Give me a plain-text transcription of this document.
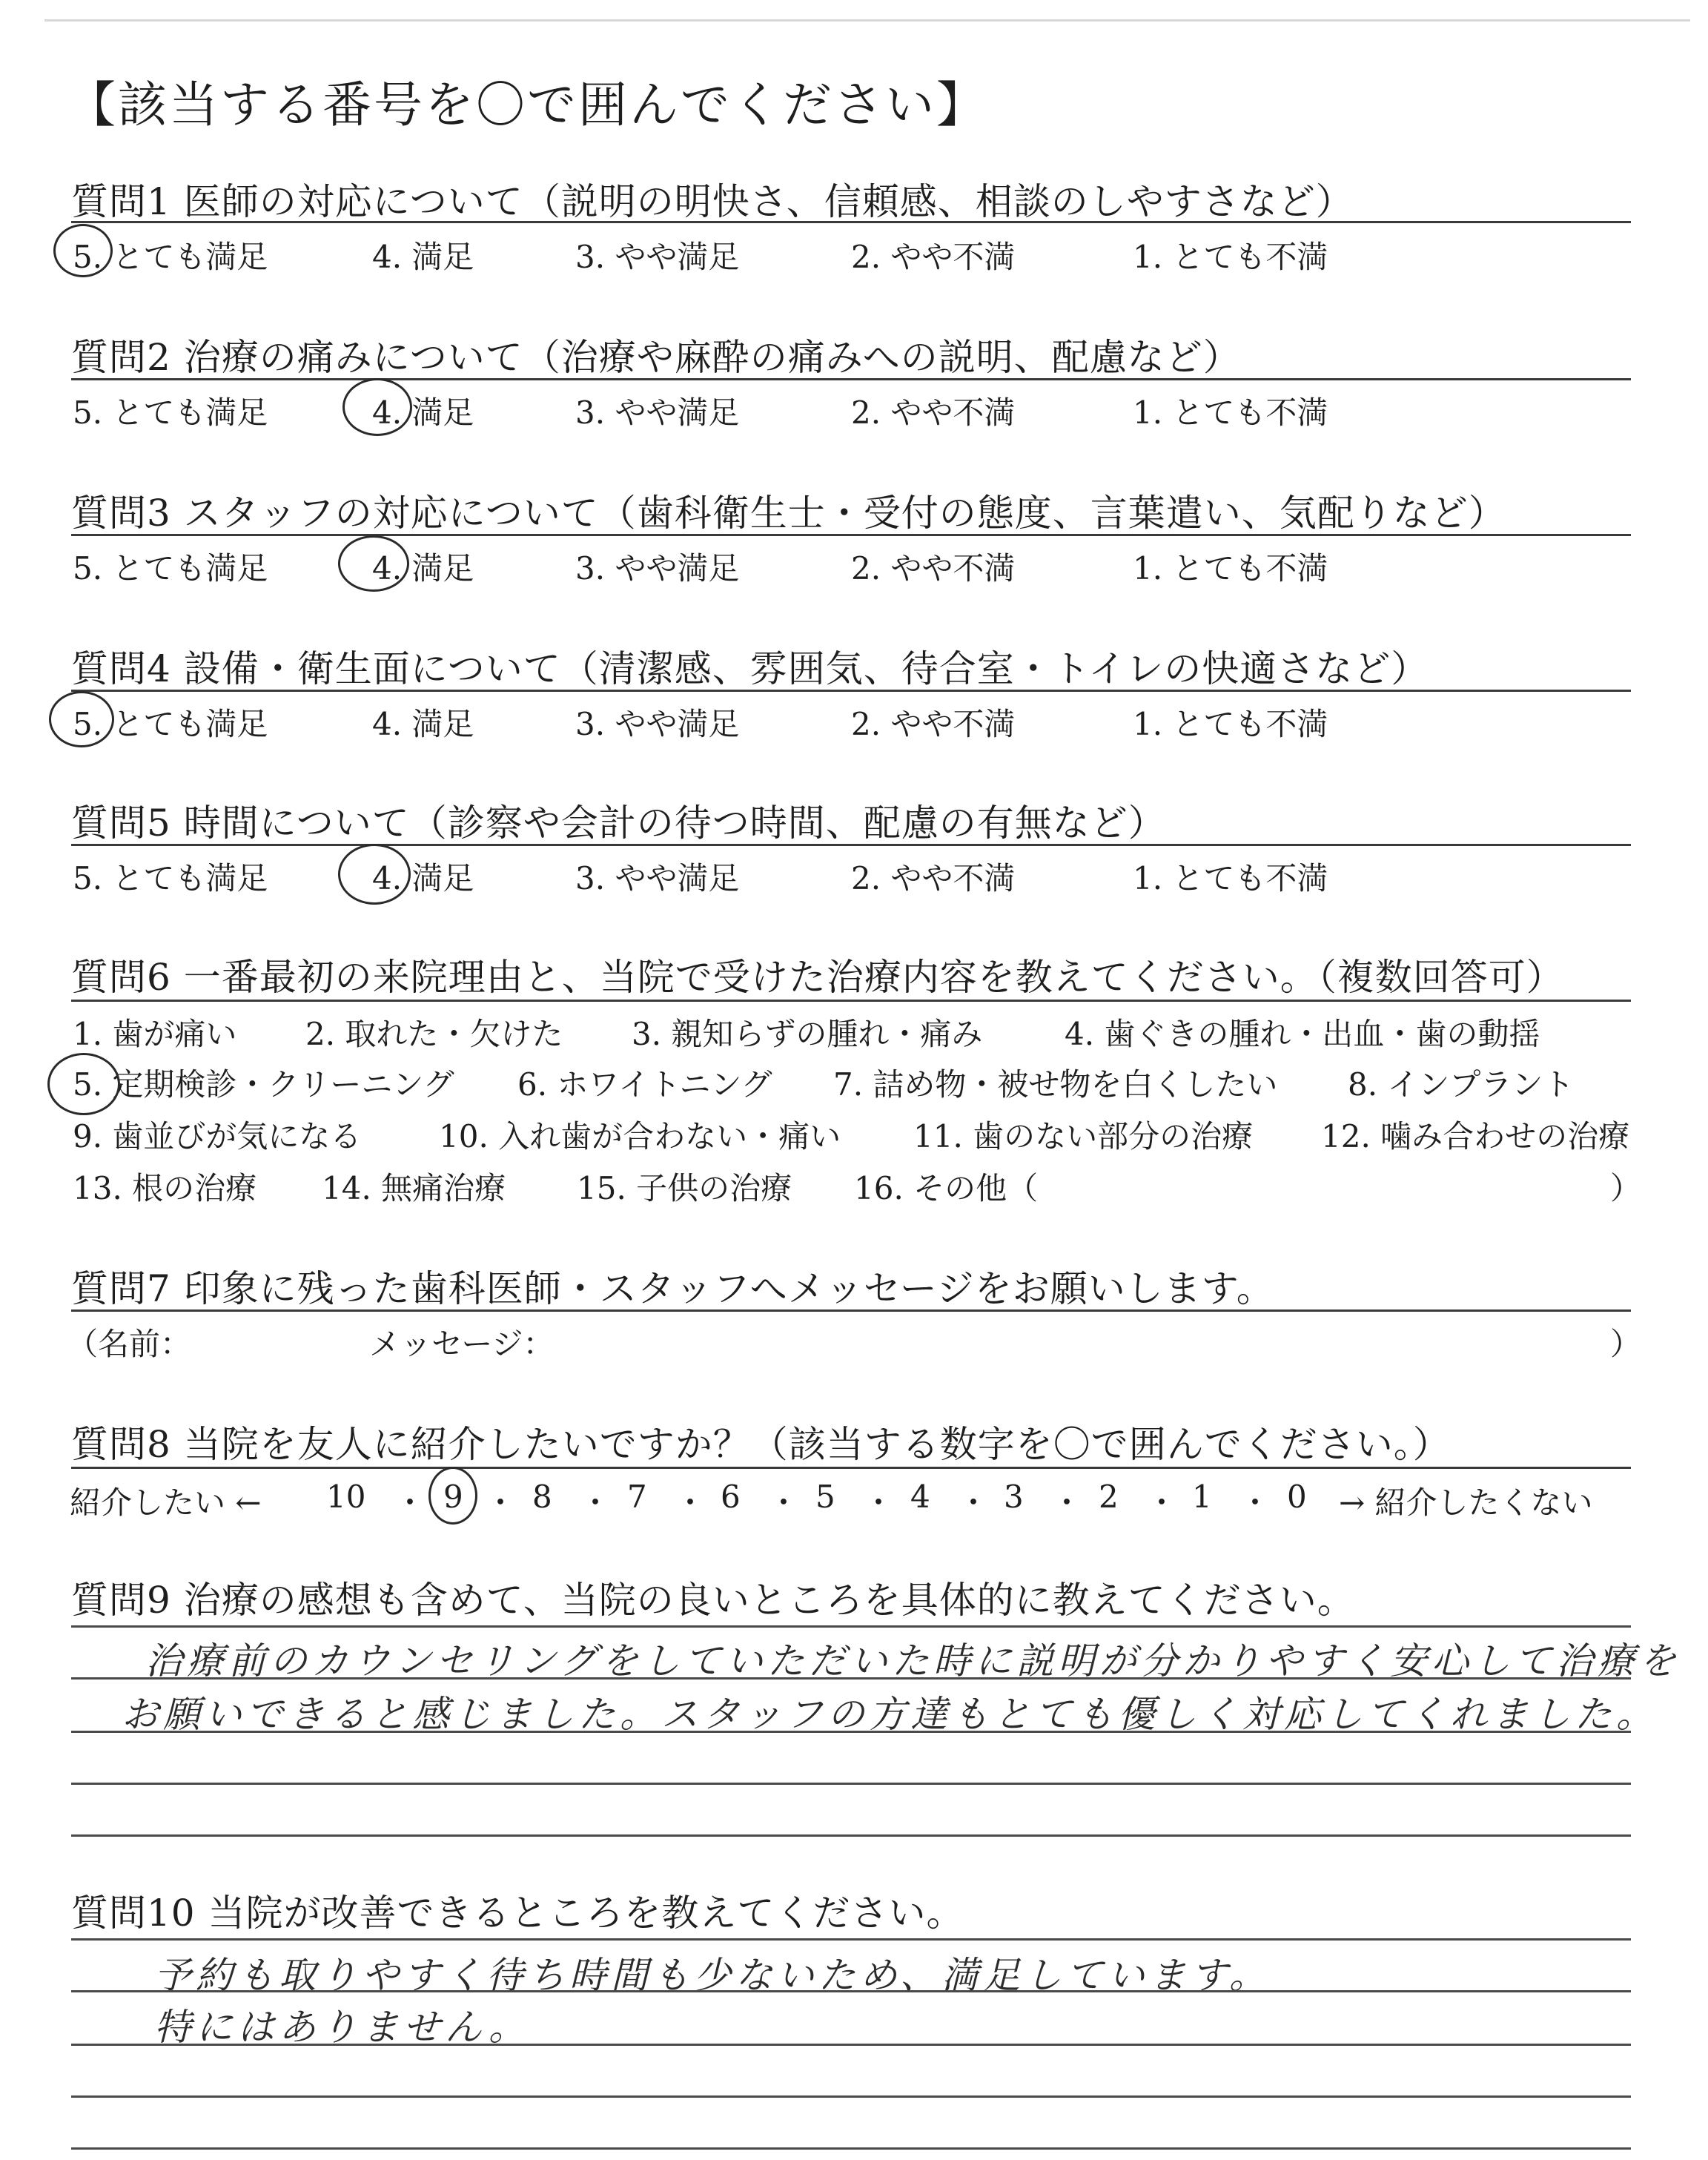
【該当する番号を〇で囲んでください】
質問1 医師の対応について（説明の明快さ、信頼感、相談のしやすさなど）
5. とても満足	4. 満足	3. やや満足	2. やや不満	1. とても不満
質問2 治療の痛みについて（治療や麻酔の痛みへの説明、配慮など）
5. とても満足	4. 満足	3. やや満足	2. やや不満	1. とても不満
質問3 スタッフの対応について（歯科衛生士・受付の態度、言葉遣い、気配りなど）
5. とても満足	4. 満足	3. やや満足	2. やや不満	1. とても不満
質問4 設備・衛生面について（清潔感、雰囲気、待合室・トイレの快適さなど）
5. とても満足	4. 満足	3. やや満足	2. やや不満	1. とても不満
質問5 時間について（診察や会計の待つ時間、配慮の有無など）
5. とても満足	4. 満足	3. やや満足	2. やや不満	1. とても不満
質問6 一番最初の来院理由と、当院で受けた治療内容を教えてください。（複数回答可）
1. 歯が痛い 2. 取れた・欠けた 3. 親知らずの腫れ・痛み	4. 歯ぐきの腫れ・出血・歯の動揺
5. 定期検診・クリーニング 6. ホワイトニング 7. 詰め物・被せ物を白くしたい 8. インプラント
9. 歯並びが気になる 10. 入れ歯が合わない・痛い 11. 歯のない部分の治療 12. 噛み合わせの治療
13. 根の治療 14. 無痛治療 15. 子供の治療 16. その他（	）
質問7 印象に残った歯科医師・スタッフへメッセージをお願いします。
（名前：	メッセージ：	）
質問8 当院を友人に紹介したいですか？（該当する数字を〇で囲んでください。）
紹介したい ← 10 ・ 9 ・ 8 ・ 7 ・ 6 ・ 5 ・ 4 ・ 3 ・ 2 ・ 1 ・ 0 → 紹介したくない
質問9 治療の感想も含めて、当院の良いところを具体的に教えてください。
治療前のカウンセリングをしていただいた時に説明が分かりやすく安心して治療を
お願いできると感じました。スタッフの方達もとても優しく対応してくれました。
質問10 当院が改善できるところを教えてください。
予約も取りやすく待ち時間も少ないため、満足しています。
特にはありません。
